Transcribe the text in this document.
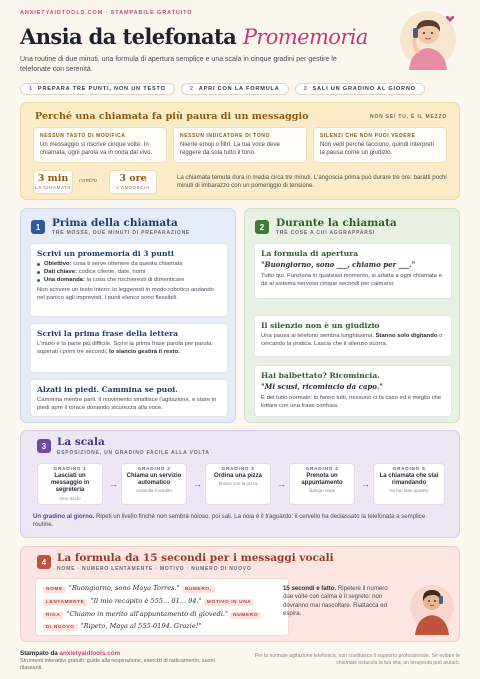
ANXIETYAIDTOOLS.COM · STAMPABILE GRATUITO
Ansia da telefonata Promemoria
Una routine di due minuti, una formula di apertura semplice e una scala in cinque gradini per gestire le telefonate con serenità.
1 PREPARA TRE PUNTI, NON UN TESTO	2 APRI CON LA FORMULA	3 SALI UN GRADINO AL GIORNO
Perché una chiamata fa più paura di un messaggio	NON SEI TU, È IL MEZZO
NESSUN TASTO DI MODIFICA
Un messaggio si riscrive cinque volte. In chiamata, ogni parola va in onda dal vivo.
NESSUN INDICATORE DI TONO
Niente emoji o filtri. La tua voce deve reggere da sola tutto il tono.
SILENZI CHE NON PUOI VEDERE
Non vedi perché tacciono, quindi interpreti la pausa come un giudizio.
3 min
LA CHIAMATA
contro	3 ore
L'ANGOSCIA
La chiamata temuta dura in media circa tre minuti. L'angoscia prima può durare tre ore: baratti pochi minuti di imbarazzo con un pomeriggio di tensione.
1	Prima della chiamata
TRE MOSSE, DUE MINUTI DI PREPARAZIONE
Scrivi un promemoria di 3 punti
Obiettivo: cosa ti serve ottenere da questa chiamata
Dati chiave: codice cliente, date, nomi
Una domanda: la cosa che rischieresti di dimenticare
Non scrivere un testo intero: lo leggeresti in modo robotico andando nel panico agli imprevisti. I punti elenco sono flessibili.
Scrivi la prima frase della lettera
L'inizio è la parte più difficile. Scrivi la prima frase parola per parola: superati i primi tre secondi, lo slancio gestirà il resto.
Alzati in piedi. Cammina se puoi.
Cammina mentre parli. Il movimento smaltisce l'agitazione, e stare in piedi apre il torace donando sicurezza alla voce.
2	Durante la chiamata
TRE COSE A CUI AGGRAPPARSI
La formula di apertura
"Buongiorno, sono ___, chiamo per ___."
Tutto qui. Funziona in qualsiasi momento, si adatta a ogni chiamata e dà al sistema nervoso cinque secondi per calmarsi.
Il silenzio non è un giudizio
Una pausa al telefono sembra lunghissima. Stanno solo digitando o cercando la pratica. Lascia che il silenzio scorra.
Hai balbettato? Ricomincia.
"Mi scusi, ricomincio da capo."
È del tutto normale: lo fanno tutti, nessuno ci fa caso ed è meglio che lottare con una frase confusa.
3	La scala
ESPOSIZIONE, UN GRADINO FACILE ALLA VOLTA
GRADINO 1
Lasciati un messaggio in segreteria
zero rischi
→
GRADINO 2
Chiama un servizio automatico
controlla il credito
→
GRADINO 3
Ordina una pizza
finisce con la pizza	→
GRADINO 4
Prenota un appuntamento
dialogo reale
→
GRADINO 5
La chiamata che stai rimandando
ne hai fatte quattro
Un gradino al giorno. Ripeti un livello finché non sembra noioso, poi sali. La noia è il traguardo: il cervello ha declassato la telefonata a semplice routine.
4	La formula da 15 secondi per i messaggi vocali
NOME · NUMERO LENTAMENTE · MOTIVO · NUMERO DI NUOVO
NOME "Buongiorno, sono Maya Torres." NUMERO,
LENTAMENTE "Il mio recapito è 555... 01... 94." MOTIVO IN UNA
RIGA "Chiamo in merito all'appuntamento di giovedì." NUMERO
DI NUOVO "Ripeto, Maya al 555-0194. Grazie!"
15 secondi e fatto. Ripetere il numero due volte con calma è il segreto: non dovranno mai riascoltare. Riattacca ed espira.
Stampato da anxietyaidtools.com
Strumenti interattivi gratuiti: guide alla respirazione, esercizi di radicamento, suoni rilassanti.
Per la normale agitazione telefonica, non costituisce il supporto professionale. Se evitare le chiamate ostacola la tua vita, un terapeuta può aiutarti.
